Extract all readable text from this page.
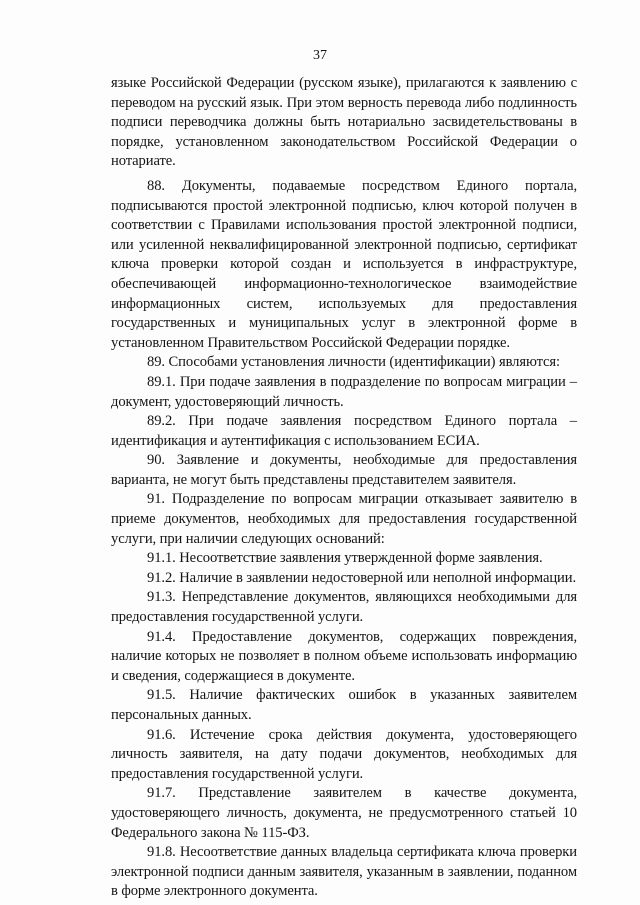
37

языке Российской Федерации (русском языке), прилагаются к заявлению с переводом на русский язык. При этом верность перевода либо подлинность подписи переводчика должны быть нотариально засвидетельствованы в порядке, установленном законодательством Российской Федерации о нотариате.

88. Документы, подаваемые посредством Единого портала, подписываются простой электронной подписью, ключ которой получен в соответствии с Правилами использования простой электронной подписи, или усиленной неквалифицированной электронной подписью, сертификат ключа проверки которой создан и используется в инфраструктуре, обеспечивающей информационно-технологическое взаимодействие информационных систем, используемых для предоставления государственных и муниципальных услуг в электронной форме в установленном Правительством Российской Федерации порядке.

89. Способами установления личности (идентификации) являются:

89.1. При подаче заявления в подразделение по вопросам миграции – документ, удостоверяющий личность.

89.2. При подаче заявления посредством Единого портала – идентификация и аутентификация с использованием ЕСИА.

90. Заявление и документы, необходимые для предоставления варианта, не могут быть представлены представителем заявителя.

91. Подразделение по вопросам миграции отказывает заявителю в приеме документов, необходимых для предоставления государственной услуги, при наличии следующих оснований:

91.1. Несоответствие заявления утвержденной форме заявления.

91.2. Наличие в заявлении недостоверной или неполной информации.

91.3. Непредставление документов, являющихся необходимыми для предоставления государственной услуги.

91.4. Предоставление документов, содержащих повреждения, наличие которых не позволяет в полном объеме использовать информацию и сведения, содержащиеся в документе.

91.5. Наличие фактических ошибок в указанных заявителем персональных данных.

91.6. Истечение срока действия документа, удостоверяющего личность заявителя, на дату подачи документов, необходимых для предоставления государственной услуги.

91.7. Представление заявителем в качестве документа, удостоверяющего личность, документа, не предусмотренного статьей 10 Федерального закона № 115-ФЗ.

91.8. Несоответствие данных владельца сертификата ключа проверки электронной подписи данным заявителя, указанным в заявлении, поданном в форме электронного документа.
